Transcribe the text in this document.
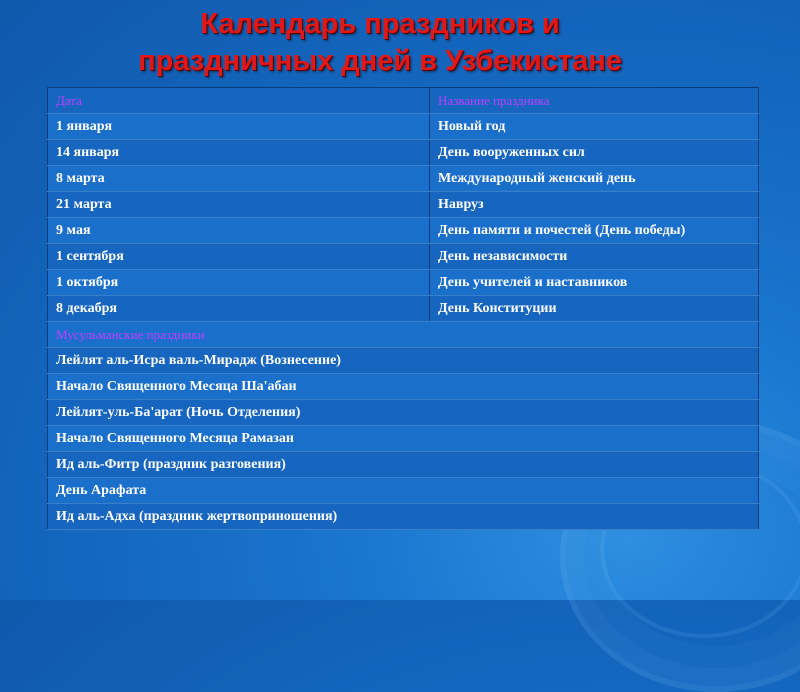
Календарь праздников и
праздничных дней в Узбекистане
Дата	Название праздника
1 января	Новый год
14 января	День вооруженных сил
8 марта	Международный женский день
21 марта	Навруз
9 мая	День памяти и почестей (День победы)
1 сентября	День независимости
1 октября	День учителей и наставников
8 декабря	День Конституции
Мусульманские праздники	
Лейлят аль-Исра валь-Мирадж (Вознесение)	
Начало Священного Месяца Ша'абан	
Лейлят-уль-Ба'арат (Ночь Отделения)	
Начало Священного Месяца Рамазан	
Ид аль-Фитр (праздник разговения)	
День Арафата	
Ид аль-Адха (праздник жертвоприношения)	
